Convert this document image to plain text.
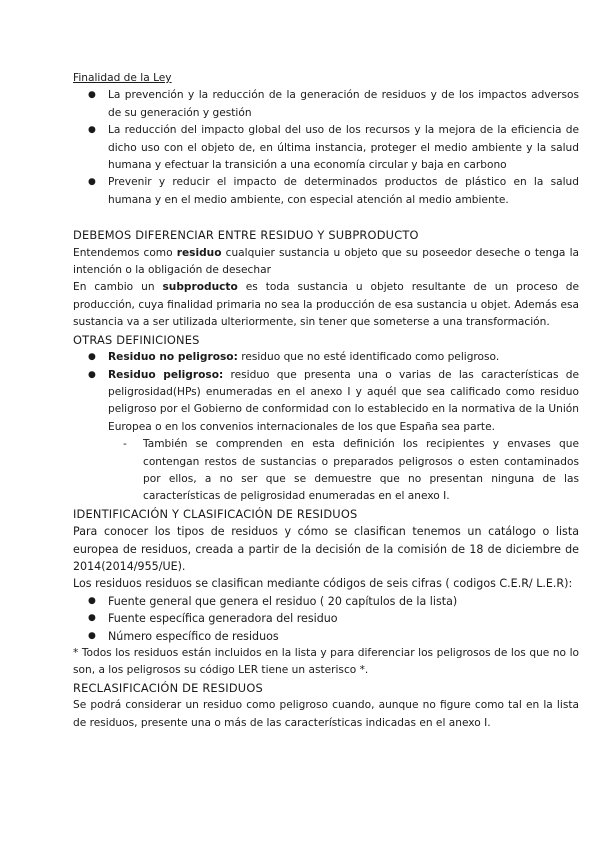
Finalidad de la Ley

● La prevención y la reducción de la generación de residuos y de los impactos adversos de su generación y gestión
● La reducción del impacto global del uso de los recursos y la mejora de la eficiencia de dicho uso con el objeto de, en última instancia, proteger el medio ambiente y la salud humana y efectuar la transición a una economía circular y baja en carbono
● Prevenir y reducir el impacto de determinados productos de plástico en la salud humana y en el medio ambiente, con especial atención al medio ambiente.

DEBEMOS DIFERENCIAR ENTRE RESIDUO Y SUBPRODUCTO

Entendemos como residuo cualquier sustancia u objeto que su poseedor deseche o tenga la intención o la obligación de desechar

En cambio un subproducto es toda sustancia u objeto resultante de un proceso de producción, cuya finalidad primaria no sea la producción de esa sustancia u objet. Además esa sustancia va a ser utilizada ulteriormente, sin tener que someterse a una transformación.

OTRAS DEFINICIONES

● Residuo no peligroso: residuo que no esté identificado como peligroso.
● Residuo peligroso: residuo que presenta una o varias de las características de peligrosidad(HPs) enumeradas en el anexo I y aquél que sea calificado como residuo peligroso por el Gobierno de conformidad con lo establecido en la normativa de la Unión Europea o en los convenios internacionales de los que España sea parte.
- También se comprenden en esta definición los recipientes y envases que contengan restos de sustancias o preparados peligrosos o esten contaminados por ellos, a no ser que se demuestre que no presentan ninguna de las características de peligrosidad enumeradas en el anexo I.

IDENTIFICACIÓN Y CLASIFICACIÓN DE RESIDUOS

Para conocer los tipos de residuos y cómo se clasifican tenemos un catálogo o lista europea de residuos, creada a partir de la decisión de la comisión de 18 de diciembre de 2014(2014/955/UE).

Los residuos residuos se clasifican mediante códigos de seis cifras ( codigos C.E.R/ L.E.R):

● Fuente general que genera el residuo ( 20 capítulos de la lista)
● Fuente específica generadora del residuo
● Número específico de residuos

* Todos los residuos están incluidos en la lista y para diferenciar los peligrosos de los que no lo son, a los peligrosos su código LER tiene un asterisco *.

RECLASIFICACIÓN DE RESIDUOS

Se podrá considerar un residuo como peligroso cuando, aunque no figure como tal en la lista de residuos, presente una o más de las características indicadas en el anexo I.
